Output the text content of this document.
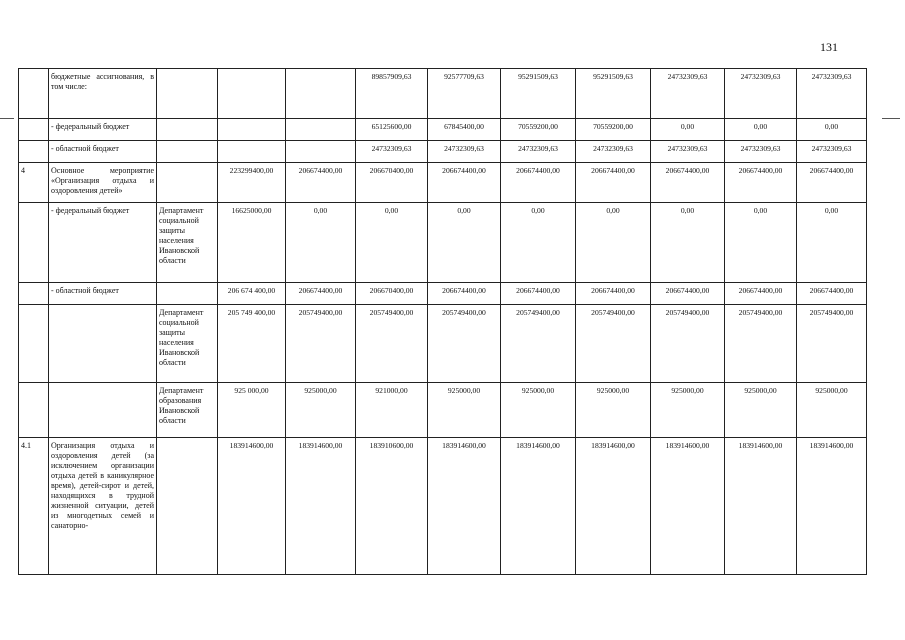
131
	бюджетные ассигнования, в том числе:				89857909,63	92577709,63	95291509,63	95291509,63	24732309,63	24732309,63	24732309,63
	- федеральный бюджет				65125600,00	67845400,00	70559200,00	70559200,00	0,00	0,00	0,00
	- областной бюджет				24732309,63	24732309,63	24732309,63	24732309,63	24732309,63	24732309,63	24732309,63
4	Основное мероприятие «Организация отдыха и оздоровления детей»		223299400,00	206674400,00	206670400,00	206674400,00	206674400,00	206674400,00	206674400,00	206674400,00	206674400,00
	- федеральный бюджет	Департамент социальной защиты населения Ивановской области	16625000,00	0,00	0,00	0,00	0,00	0,00	0,00	0,00	0,00
	- областной бюджет		206 674 400,00	206674400,00	206670400,00	206674400,00	206674400,00	206674400,00	206674400,00	206674400,00	206674400,00
		Департамент социальной защиты населения Ивановской области	205 749 400,00	205749400,00	205749400,00	205749400,00	205749400,00	205749400,00	205749400,00	205749400,00	205749400,00
		Департамент образования Ивановской области	925 000,00	925000,00	921000,00	925000,00	925000,00	925000,00	925000,00	925000,00	925000,00
4.1	Организация отдыха и оздоровления детей (за исключением организации отдыха детей в каникулярное время), детей-сирот и детей, находящихся в трудной жизненной ситуации, детей из многодетных семей и санаторно-		183914600,00	183914600,00	183910600,00	183914600,00	183914600,00	183914600,00	183914600,00	183914600,00	183914600,00
